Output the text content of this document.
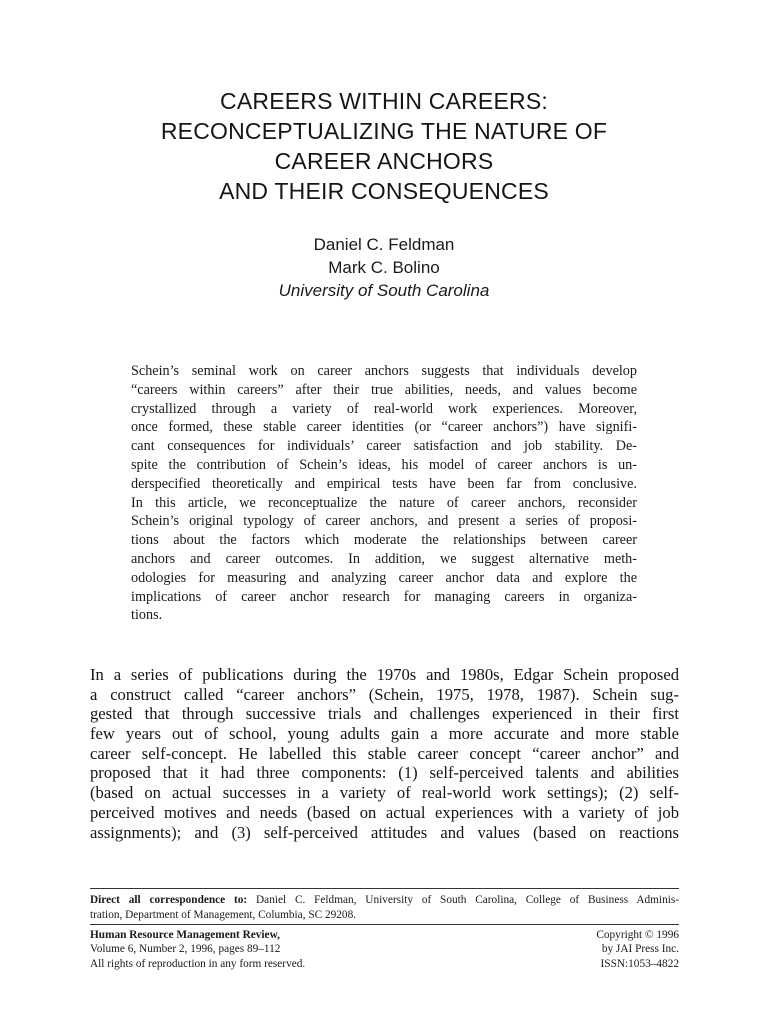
CAREERS WITHIN CAREERS:
RECONCEPTUALIZING THE NATURE OF
CAREER ANCHORS
AND THEIR CONSEQUENCES
Daniel C. Feldman
Mark C. Bolino
University of South Carolina
Schein’s seminal work on career anchors suggests that individuals develop
“careers within careers” after their true abilities, needs, and values become
crystallized through a variety of real-world work experiences. Moreover,
once formed, these stable career identities (or “career anchors”) have signifi-
cant consequences for individuals’ career satisfaction and job stability. De-
spite the contribution of Schein’s ideas, his model of career anchors is un-
derspecified theoretically and empirical tests have been far from conclusive.
In this article, we reconceptualize the nature of career anchors, reconsider
Schein’s original typology of career anchors, and present a series of proposi-
tions about the factors which moderate the relationships between career
anchors and career outcomes. In addition, we suggest alternative meth-
odologies for measuring and analyzing career anchor data and explore the
implications of career anchor research for managing careers in organiza-
tions.
In a series of publications during the 1970s and 1980s, Edgar Schein proposed
a construct called “career anchors” (Schein, 1975, 1978, 1987). Schein sug-
gested that through successive trials and challenges experienced in their first
few years out of school, young adults gain a more accurate and more stable
career self-concept. He labelled this stable career concept “career anchor” and
proposed that it had three components: (1) self-perceived talents and abilities
(based on actual successes in a variety of real-world work settings); (2) self-
perceived motives and needs (based on actual experiences with a variety of job
assignments); and (3) self-perceived attitudes and values (based on reactions
Direct all correspondence to: Daniel C. Feldman, University of South Carolina, College of Business Adminis-
tration, Department of Management, Columbia, SC 29208.
Human Resource Management Review,
Volume 6, Number 2, 1996, pages 89–112
All rights of reproduction in any form reserved.
Copyright © 1996
by JAI Press Inc.
ISSN:1053–4822
